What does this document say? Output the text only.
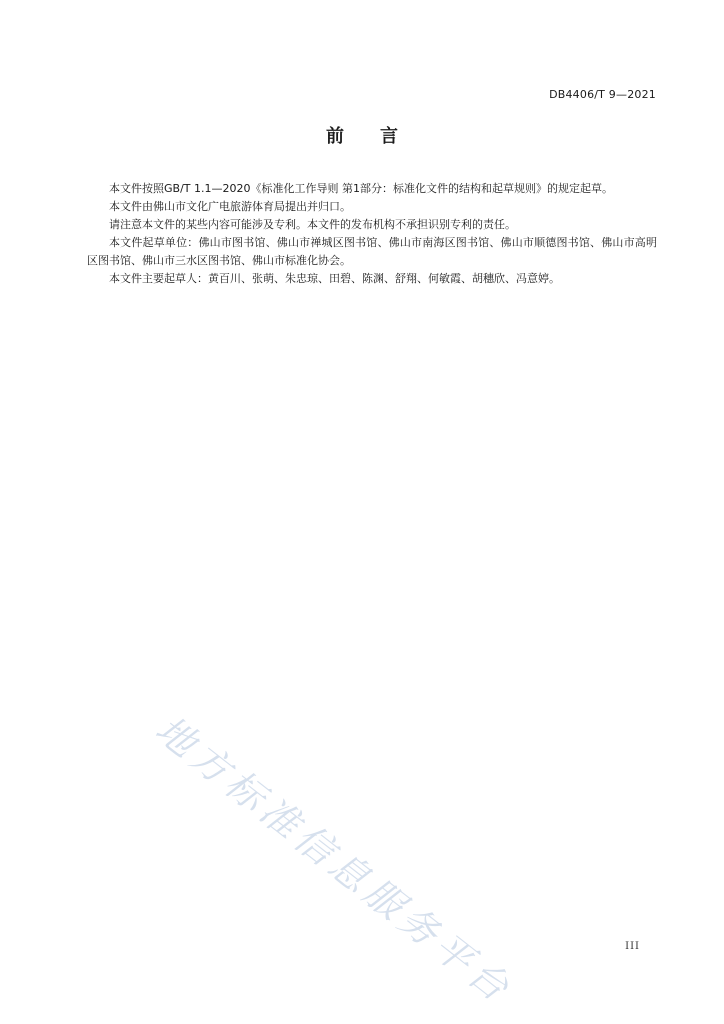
DB4406/T 9—2021
前言

本文件按照GB/T 1.1—2020《标准化工作导则 第1部分：标准化文件的结构和起草规则》的规定起草。

本文件由佛山市文化广电旅游体育局提出并归口。

请注意本文件的某些内容可能涉及专利。本文件的发布机构不承担识别专利的责任。

本文件起草单位：佛山市图书馆、佛山市禅城区图书馆、佛山市南海区图书馆、佛山市顺德图书馆、佛山市高明区图书馆、佛山市三水区图书馆、佛山市标准化协会。

本文件主要起草人：黄百川、张萌、朱忠琼、田碧、陈渊、舒翔、何敏霞、胡穗欣、冯意婷。

地方标准信息服务平台	III
